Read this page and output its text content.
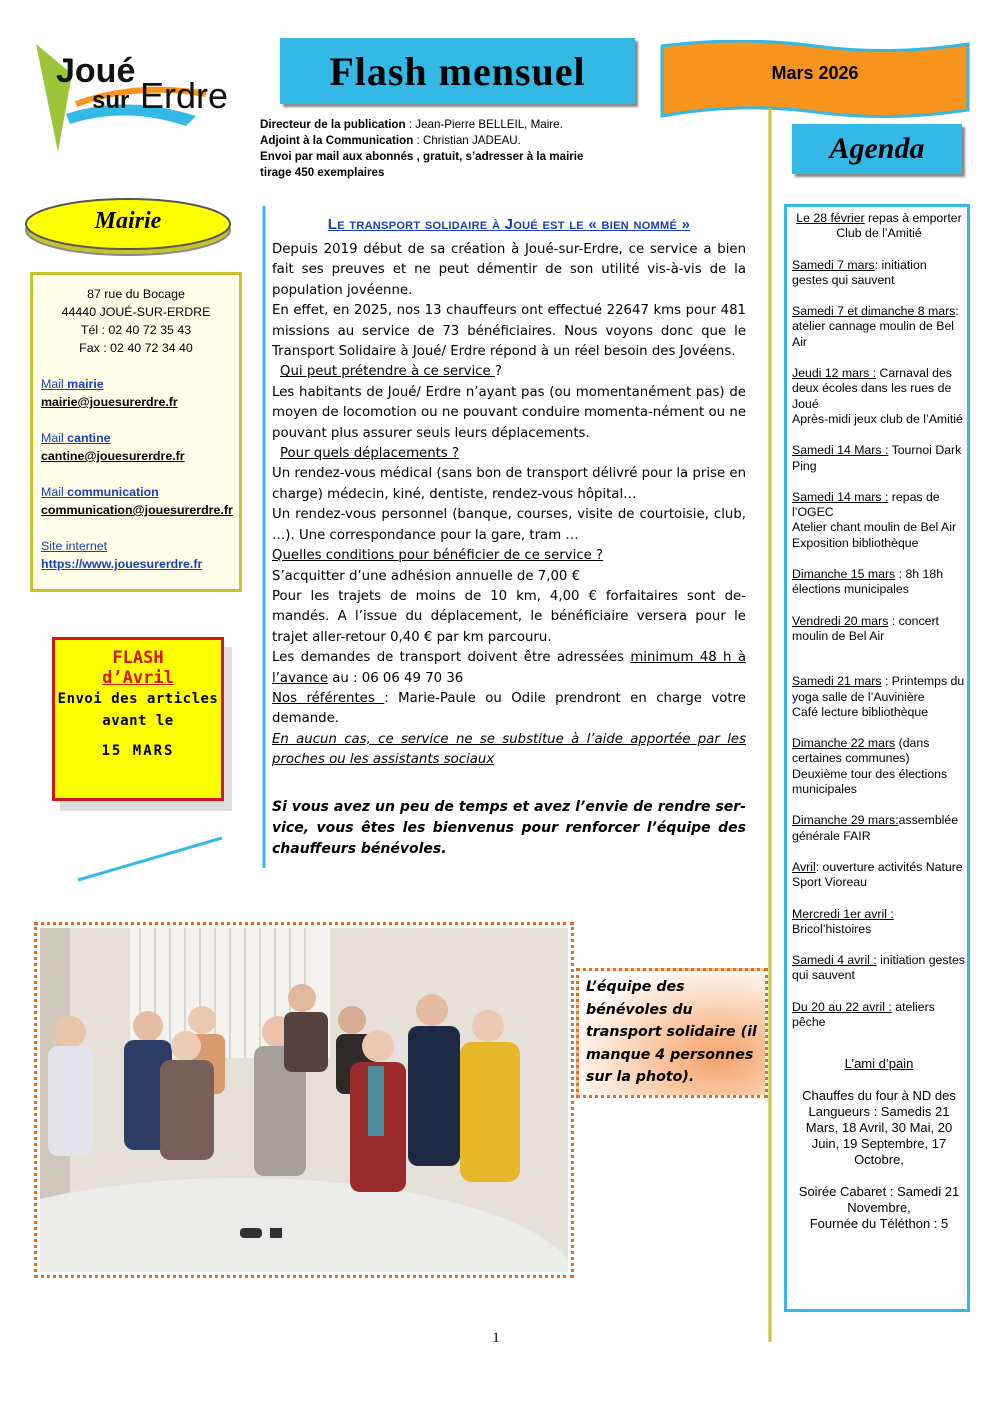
Joué
sur Erdre
Flash mensuel	Mars 2026
Directeur de la publication : Jean-Pierre BELLEIL, Maire.
Adjoint à la Communication : Christian JADEAU.
Envoi par mail aux abonnés , gratuit, s’adresser à la mairie
tirage 450 exemplaires
Agenda
Mairie
87 rue du Bocage
44440 JOUÉ-SUR-ERDRE
Tél : 02 40 72 35 43
Fax : 02 40 72 34 40
Mail mairie
mairie@jouesurerdre.fr
Mail cantine
cantine@jouesurerdre.fr
Mail communication
communication@jouesurerdre.fr
Site internet
https://www.jouesurerdre.fr
FLASH
d’Avril
Envoi des articles
avant le
15 MARS
Le transport solidaire à Joué est le « bien nommé »

Depuis 2019 début de sa création à Joué-sur-Erdre, ce service a bien fait ses preuves et ne peut démentir de son utilité vis-à-vis de la population jovéenne.

En effet, en 2025, nos 13 chauffeurs ont effectué 22647 kms pour 481 missions au service de 73 bénéficiaires. Nous voyons donc que le Transport Solidaire à Joué/ Erdre répond à un réel besoin des Jovéens.

Qui peut prétendre à ce service ?

Les habitants de Joué/ Erdre n’ayant pas (ou momentanément pas) de moyen de locomotion ou ne pouvant conduire momenta-nément ou ne pouvant plus assurer seuls leurs déplacements.

Pour quels déplacements ?

Un rendez-vous médical (sans bon de transport délivré pour la prise en charge) médecin, kiné, dentiste, rendez-vous hôpital…

Un rendez-vous personnel (banque, courses, visite de courtoisie, club, …). Une correspondance pour la gare, tram …

Quelles conditions pour bénéficier de ce service ?

S’acquitter d’une adhésion annuelle de 7,00 €

Pour les trajets de moins de 10 km, 4,00 € forfaitaires sont de-mandés. A l’issue du déplacement, le bénéficiaire versera pour le trajet aller-retour 0,40 € par km parcouru.

Les demandes de transport doivent être adressées minimum 48 h à l’avance au : 06 06 49 70 36

Nos référentes : Marie-Paule ou Odile prendront en charge votre demande.

En aucun cas, ce service ne se substitue à l’aide apportée par les proches ou les assistants sociaux

Si vous avez un peu de temps et avez l’envie de rendre ser-vice, vous êtes les bienvenus pour renforcer l’équipe des chauffeurs bénévoles.

Le 28 février repas à emporter
Club de l’Amitié
Samedi 7 mars: initiation gestes qui sauvent
Samedi 7 et dimanche 8 mars: atelier cannage moulin de Bel Air
Jeudi 12 mars : Carnaval des deux écoles dans les rues de Joué
Après-midi jeux club de l’Amitié
Samedi 14 Mars : Tournoi Dark Ping
Samedi 14 mars : repas de l’OGEC
Atelier chant moulin de Bel Air
Exposition bibliothèque
Dimanche 15 mars : 8h 18h élections municipales
Vendredi 20 mars : concert moulin de Bel Air
Samedi 21 mars : Printemps du yoga salle de l’Auvinière
Café lecture bibliothèque
Dimanche 22 mars (dans certaines communes)
Deuxième tour des élections municipales
Dimanche 29 mars:assemblée générale FAIR
Avril: ouverture activités Nature Sport Vioreau
Mercredi 1er avril :
Bricol’histoires
Samedi 4 avril : initiation gestes qui sauvent
Du 20 au 22 avril : ateliers pêche
L’ami d’pain
Chauffes du four à ND des Langueurs : Samedis 21 Mars, 18 Avril, 30 Mai, 20 Juin, 19 Septembre, 17 Octobre,
Soirée Cabaret : Samedi 21 Novembre,
Fournée du Téléthon : 5
L’équipe des bénévoles du transport solidaire (il manque 4 personnes sur la photo).
1
